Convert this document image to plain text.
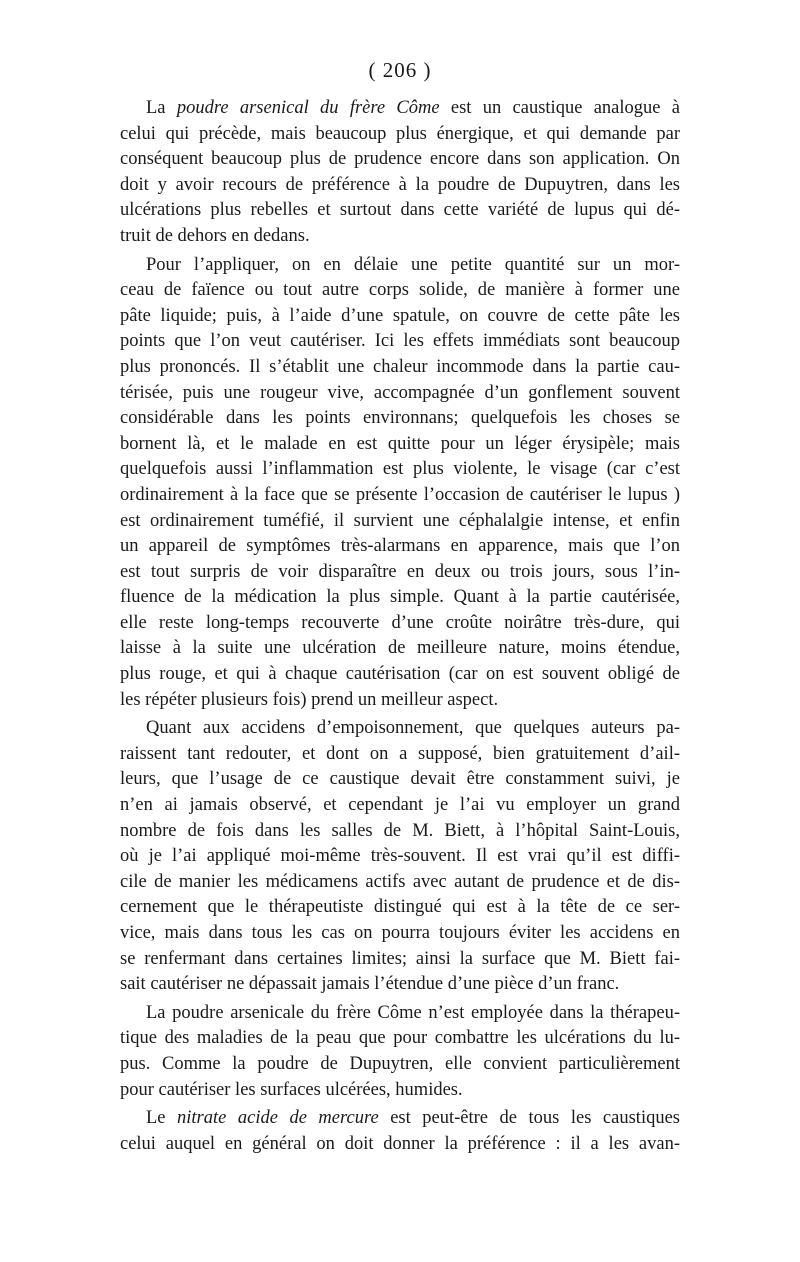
( 206 )

La poudre arsenical du frère Côme est un caustique analogue à
celui qui précède, mais beaucoup plus énergique, et qui demande par
conséquent beaucoup plus de prudence encore dans son application. On
doit y avoir recours de préférence à la poudre de Dupuytren, dans les
ulcérations plus rebelles et surtout dans cette variété de lupus qui dé-
truit de dehors en dedans.

Pour l’appliquer, on en délaie une petite quantité sur un mor-
ceau de faïence ou tout autre corps solide, de manière à former une
pâte liquide; puis, à l’aide d’une spatule, on couvre de cette pâte les
points que l’on veut cautériser. Ici les effets immédiats sont beaucoup
plus prononcés. Il s’établit une chaleur incommode dans la partie cau-
térisée, puis une rougeur vive, accompagnée d’un gonflement souvent
considérable dans les points environnans; quelquefois les choses se
bornent là, et le malade en est quitte pour un léger érysipèle; mais
quelquefois aussi l’inflammation est plus violente, le visage (car c’est
ordinairement à la face que se présente l’occasion de cautériser le lupus )
est ordinairement tuméfié, il survient une céphalalgie intense, et enfin
un appareil de symptômes très-alarmans en apparence, mais que l’on
est tout surpris de voir disparaître en deux ou trois jours, sous l’in-
fluence de la médication la plus simple. Quant à la partie cautérisée,
elle reste long-temps recouverte d’une croûte noirâtre très-dure, qui
laisse à la suite une ulcération de meilleure nature, moins étendue,
plus rouge, et qui à chaque cautérisation (car on est souvent obligé de
les répéter plusieurs fois) prend un meilleur aspect.

Quant aux accidens d’empoisonnement, que quelques auteurs pa-
raissent tant redouter, et dont on a supposé, bien gratuitement d’ail-
leurs, que l’usage de ce caustique devait être constamment suivi, je
n’en ai jamais observé, et cependant je l’ai vu employer un grand
nombre de fois dans les salles de M. Biett, à l’hôpital Saint-Louis,
où je l’ai appliqué moi-même très-souvent. Il est vrai qu’il est diffi-
cile de manier les médicamens actifs avec autant de prudence et de dis-
cernement que le thérapeutiste distingué qui est à la tête de ce ser-
vice, mais dans tous les cas on pourra toujours éviter les accidens en
se renfermant dans certaines limites; ainsi la surface que M. Biett fai-
sait cautériser ne dépassait jamais l’étendue d’une pièce d’un franc.

La poudre arsenicale du frère Côme n’est employée dans la thérapeu-
tique des maladies de la peau que pour combattre les ulcérations du lu-
pus. Comme la poudre de Dupuytren, elle convient particulièrement
pour cautériser les surfaces ulcérées, humides.

Le nitrate acide de mercure est peut-être de tous les caustiques
celui auquel en général on doit donner la préférence : il a les avan-
